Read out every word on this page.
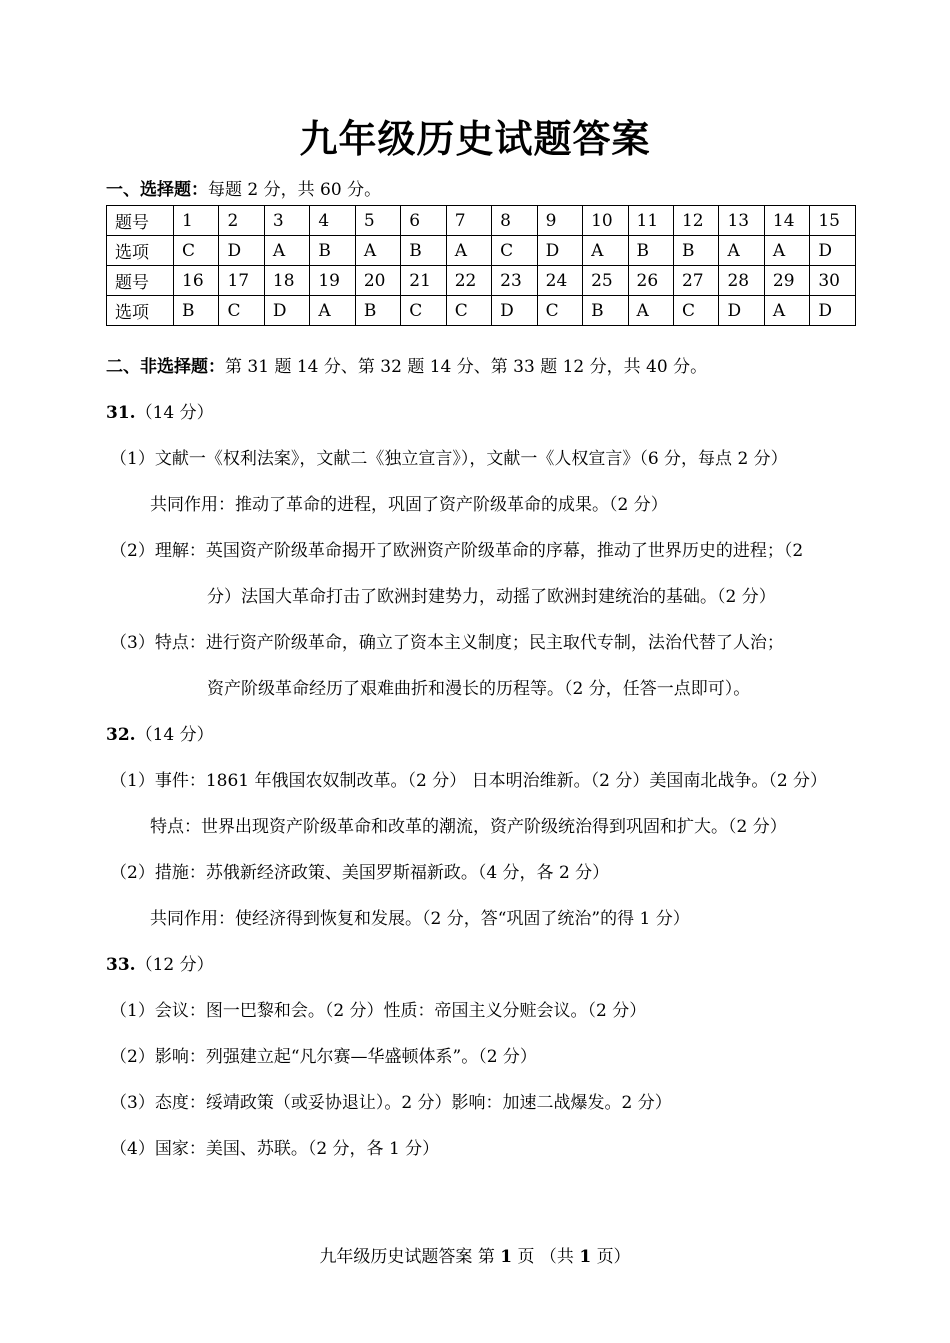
九年级历史试题答案
一、选择题：每题 2 分，共 60 分。
题号	1	2	3	4	5	6	7	8	9	10	11	12	13	14	15
选项	C	D	A	B	A	B	A	C	D	A	B	B	A	A	D
题号	16	17	18	19	20	21	22	23	24	25	26	27	28	29	30
选项	B	C	D	A	B	C	C	D	C	B	A	C	D	A	D
二、非选择题：第 31 题 14 分、第 32 题 14 分、第 33 题 12 分，共 40 分。
31.（14 分）
（1）文献一《权利法案》，文献二《独立宣言》），文献一《人权宣言》（6 分，每点 2 分）
共同作用：推动了革命的进程，巩固了资产阶级革命的成果。（2 分）
（2）理解：英国资产阶级革命揭开了欧洲资产阶级革命的序幕，推动了世界历史的进程；（2
分）法国大革命打击了欧洲封建势力，动摇了欧洲封建统治的基础。（2 分）
（3）特点：进行资产阶级革命，确立了资本主义制度；民主取代专制，法治代替了人治；
资产阶级革命经历了艰难曲折和漫长的历程等。（2 分，任答一点即可）。
32.（14 分）
（1）事件：1861 年俄国农奴制改革。（2 分） 日本明治维新。（2 分）美国南北战争。（2 分）
特点：世界出现资产阶级革命和改革的潮流，资产阶级统治得到巩固和扩大。（2 分）
（2）措施：苏俄新经济政策、美国罗斯福新政。（4 分，各 2 分）
共同作用：使经济得到恢复和发展。（2 分，答“巩固了统治”的得 1 分）
33.（12 分）
（1）会议：图一巴黎和会。（2 分）性质：帝国主义分赃会议。（2 分）
（2）影响：列强建立起“凡尔赛—华盛顿体系”。（2 分）
（3）态度：绥靖政策（或妥协退让）。2 分）影响：加速二战爆发。2 分）
（4）国家：美国、苏联。（2 分，各 1 分）
九年级历史试题答案 第 1 页 （共 1 页）
